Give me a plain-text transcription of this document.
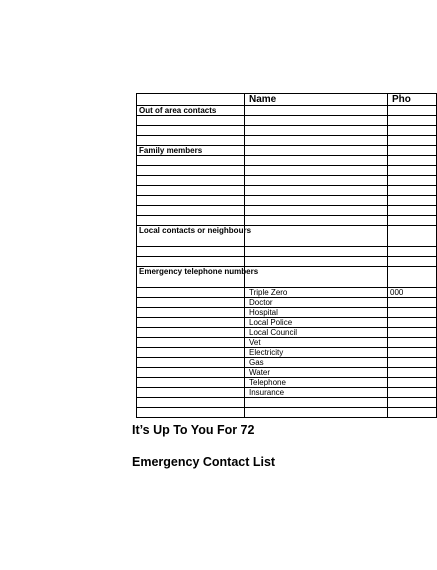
	Name	Pho
Out of area contacts		

Family members		

Local contacts or neighbours		

Emergency telephone numbers		
	Triple Zero	000
	Doctor	
	Hospital	
	Local Police	
	Local Council	
	Vet	
	Electricity	
	Gas	
	Water	
	Telephone	
	Insurance	

It’s Up To You For 72
Emergency Contact List
